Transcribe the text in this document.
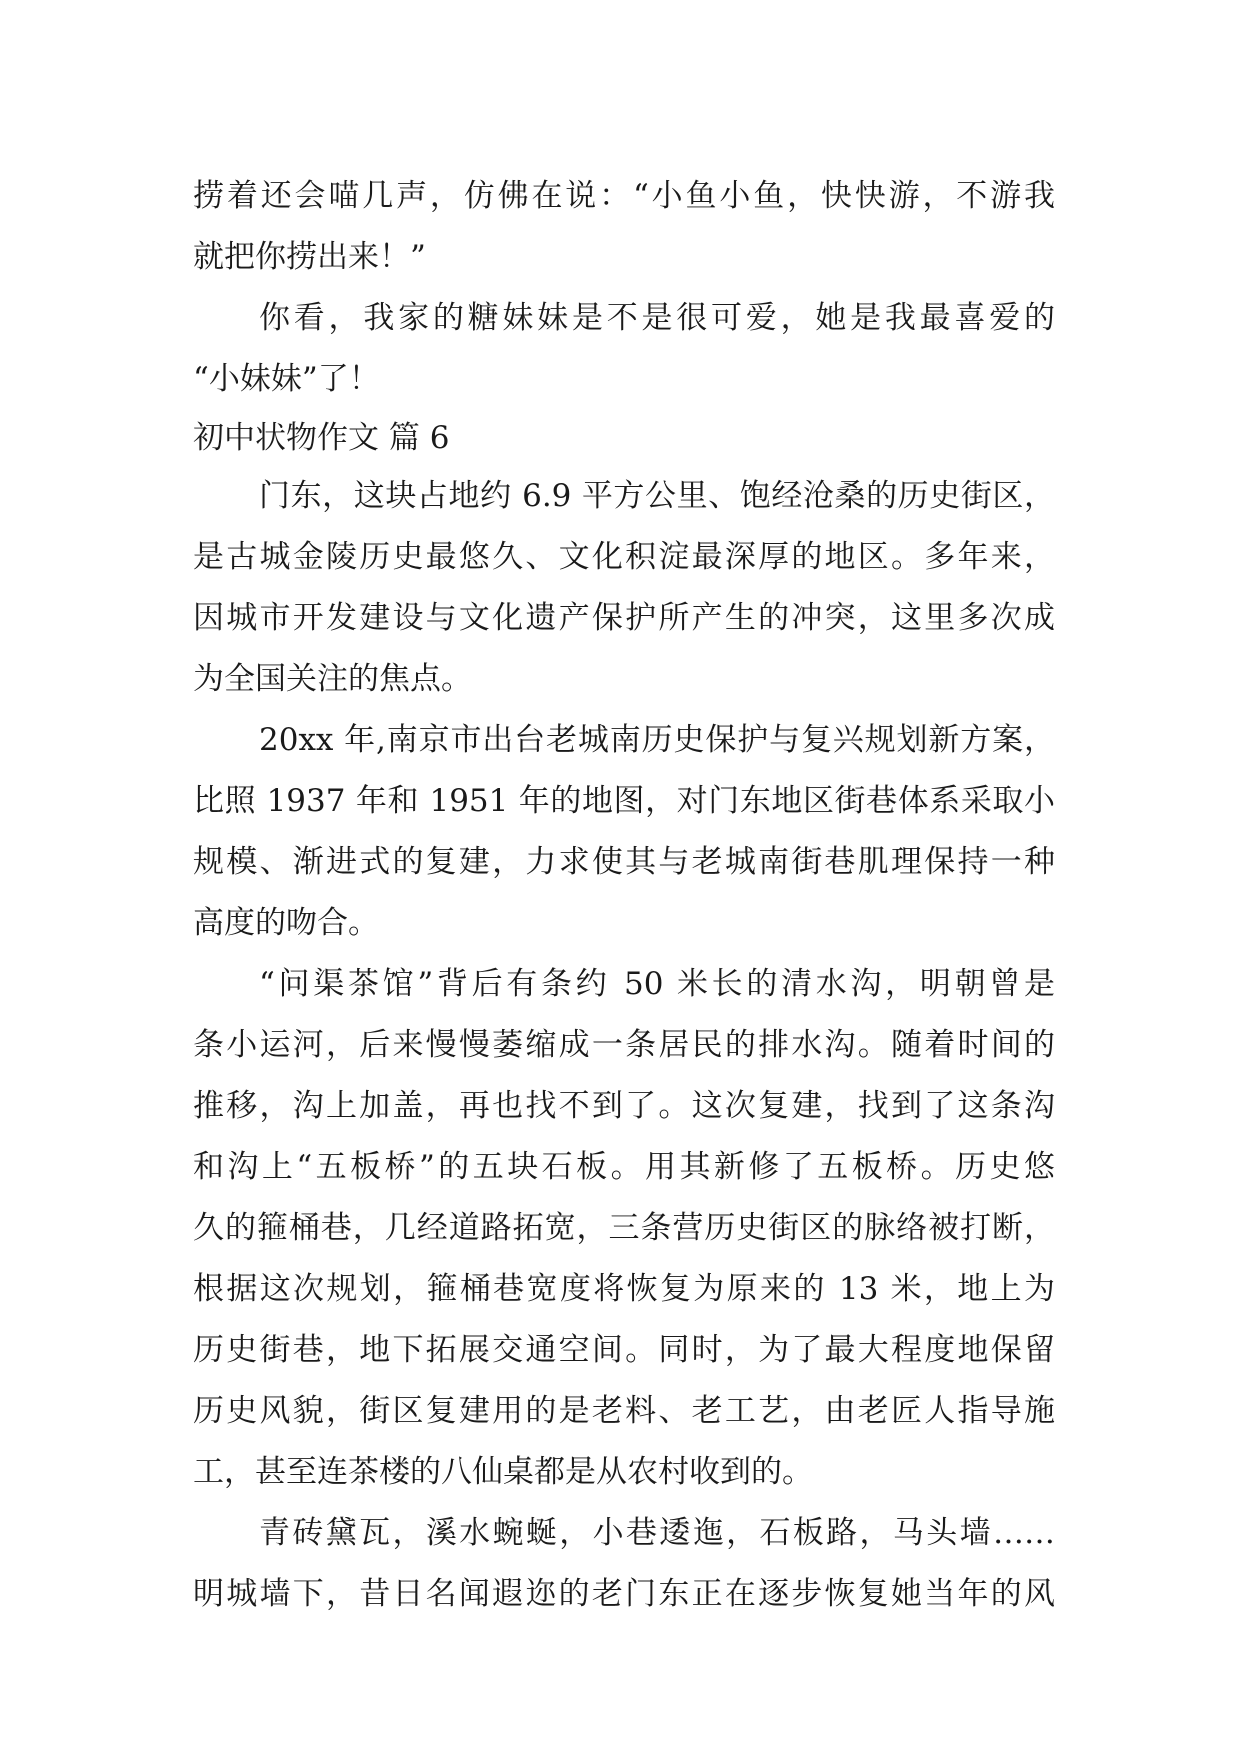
捞着还会喵几声，仿佛在说：“小鱼小鱼，快快游，不游我
就把你捞出来！”
你看，我家的糖妹妹是不是很可爱，她是我最喜爱的
“小妹妹”了！
初中状物作文 篇 6
门东，这块占地约 6.9 平方公里、饱经沧桑的历史街区，
是古城金陵历史最悠久、文化积淀最深厚的地区。多年来，
因城市开发建设与文化遗产保护所产生的冲突，这里多次成
为全国关注的焦点。
20xx 年,南京市出台老城南历史保护与复兴规划新方案，
比照 1937 年和 1951 年的地图，对门东地区街巷体系采取小
规模、渐进式的复建，力求使其与老城南街巷肌理保持一种
高度的吻合。
“问渠茶馆”背后有条约 50 米长的清水沟，明朝曾是
条小运河，后来慢慢萎缩成一条居民的排水沟。随着时间的
推移，沟上加盖，再也找不到了。这次复建，找到了这条沟
和沟上“五板桥”的五块石板。用其新修了五板桥。历史悠
久的箍桶巷，几经道路拓宽，三条营历史街区的脉络被打断，
根据这次规划，箍桶巷宽度将恢复为原来的 13 米，地上为
历史街巷，地下拓展交通空间。同时，为了最大程度地保留
历史风貌，街区复建用的是老料、老工艺，由老匠人指导施
工，甚至连茶楼的八仙桌都是从农村收到的。
青砖黛瓦，溪水蜿蜒，小巷逶迤，石板路，马头墙……
明城墙下，昔日名闻遐迩的老门东正在逐步恢复她当年的风
